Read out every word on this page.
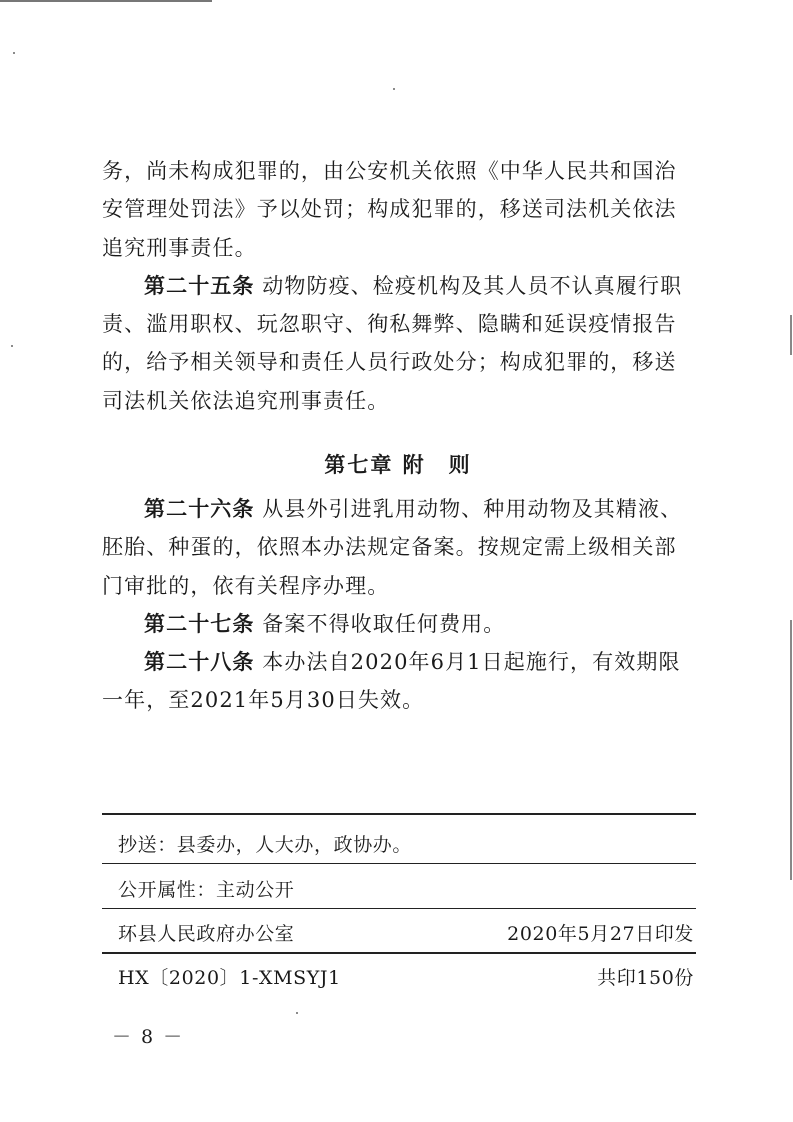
务，尚未构成犯罪的，由公安机关依照《中华人民共和国治安管理处罚法》予以处罚；构成犯罪的，移送司法机关依法追究刑事责任。

第二十五条 动物防疫、检疫机构及其人员不认真履行职责、滥用职权、玩忽职守、徇私舞弊、隐瞒和延误疫情报告的，给予相关领导和责任人员行政处分；构成犯罪的，移送司法机关依法追究刑事责任。

第七章 附　则

第二十六条 从县外引进乳用动物、种用动物及其精液、胚胎、种蛋的，依照本办法规定备案。按规定需上级相关部门审批的，依有关程序办理。

第二十七条 备案不得收取任何费用。

第二十八条 本办法自2020年6月1日起施行，有效期限一年，至2021年5月30日失效。

抄送：县委办，人大办，政协办。
公开属性：主动公开
环县人民政府办公室	2020年5月27日印发
HX〔2020〕1-XMSYJ1	共印150份
－ 8 －
